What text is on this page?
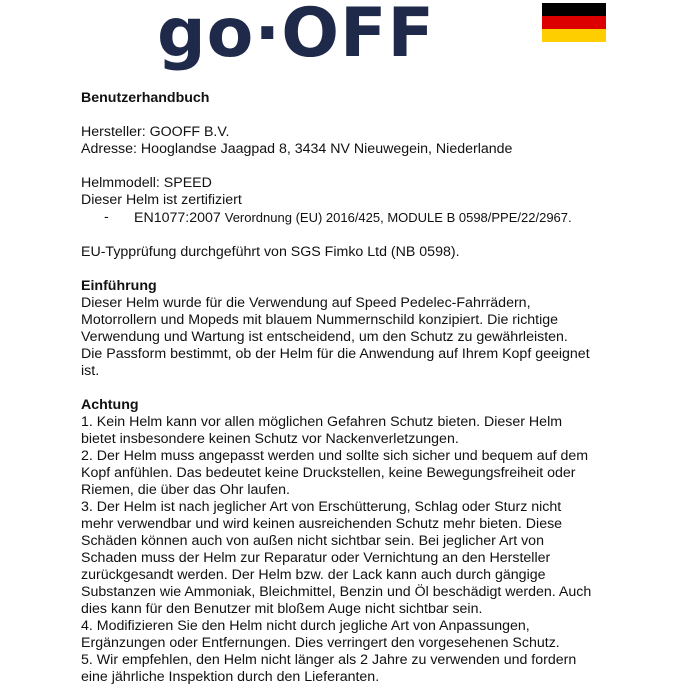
go·OFF

Benutzerhandbuch

Hersteller: GOOFF B.V.

Adresse: Hooglandse Jaagpad 8, 3434 NV Nieuwegein, Niederlande

Helmmodell: SPEED

Dieser Helm ist zertifiziert

-	EN1077:2007 Verordnung (EU) 2016/425, MODULE B 0598/PPE/22/2967.

EU-Typprüfung durchgeführt von SGS Fimko Ltd (NB 0598).

Einführung

Dieser Helm wurde für die Verwendung auf Speed Pedelec-Fahrrädern,

Motorrollern und Mopeds mit blauem Nummernschild konzipiert. Die richtige

Verwendung und Wartung ist entscheidend, um den Schutz zu gewährleisten.

Die Passform bestimmt, ob der Helm für die Anwendung auf Ihrem Kopf geeignet

ist.

Achtung

1. Kein Helm kann vor allen möglichen Gefahren Schutz bieten. Dieser Helm

bietet insbesondere keinen Schutz vor Nackenverletzungen.

2. Der Helm muss angepasst werden und sollte sich sicher und bequem auf dem

Kopf anfühlen. Das bedeutet keine Druckstellen, keine Bewegungsfreiheit oder

Riemen, die über das Ohr laufen.

3. Der Helm ist nach jeglicher Art von Erschütterung, Schlag oder Sturz nicht

mehr verwendbar und wird keinen ausreichenden Schutz mehr bieten. Diese

Schäden können auch von außen nicht sichtbar sein. Bei jeglicher Art von

Schaden muss der Helm zur Reparatur oder Vernichtung an den Hersteller

zurückgesandt werden. Der Helm bzw. der Lack kann auch durch gängige

Substanzen wie Ammoniak, Bleichmittel, Benzin und Öl beschädigt werden. Auch

dies kann für den Benutzer mit bloßem Auge nicht sichtbar sein.

4. Modifizieren Sie den Helm nicht durch jegliche Art von Anpassungen,

Ergänzungen oder Entfernungen. Dies verringert den vorgesehenen Schutz.

5. Wir empfehlen, den Helm nicht länger als 2 Jahre zu verwenden und fordern

eine jährliche Inspektion durch den Lieferanten.
